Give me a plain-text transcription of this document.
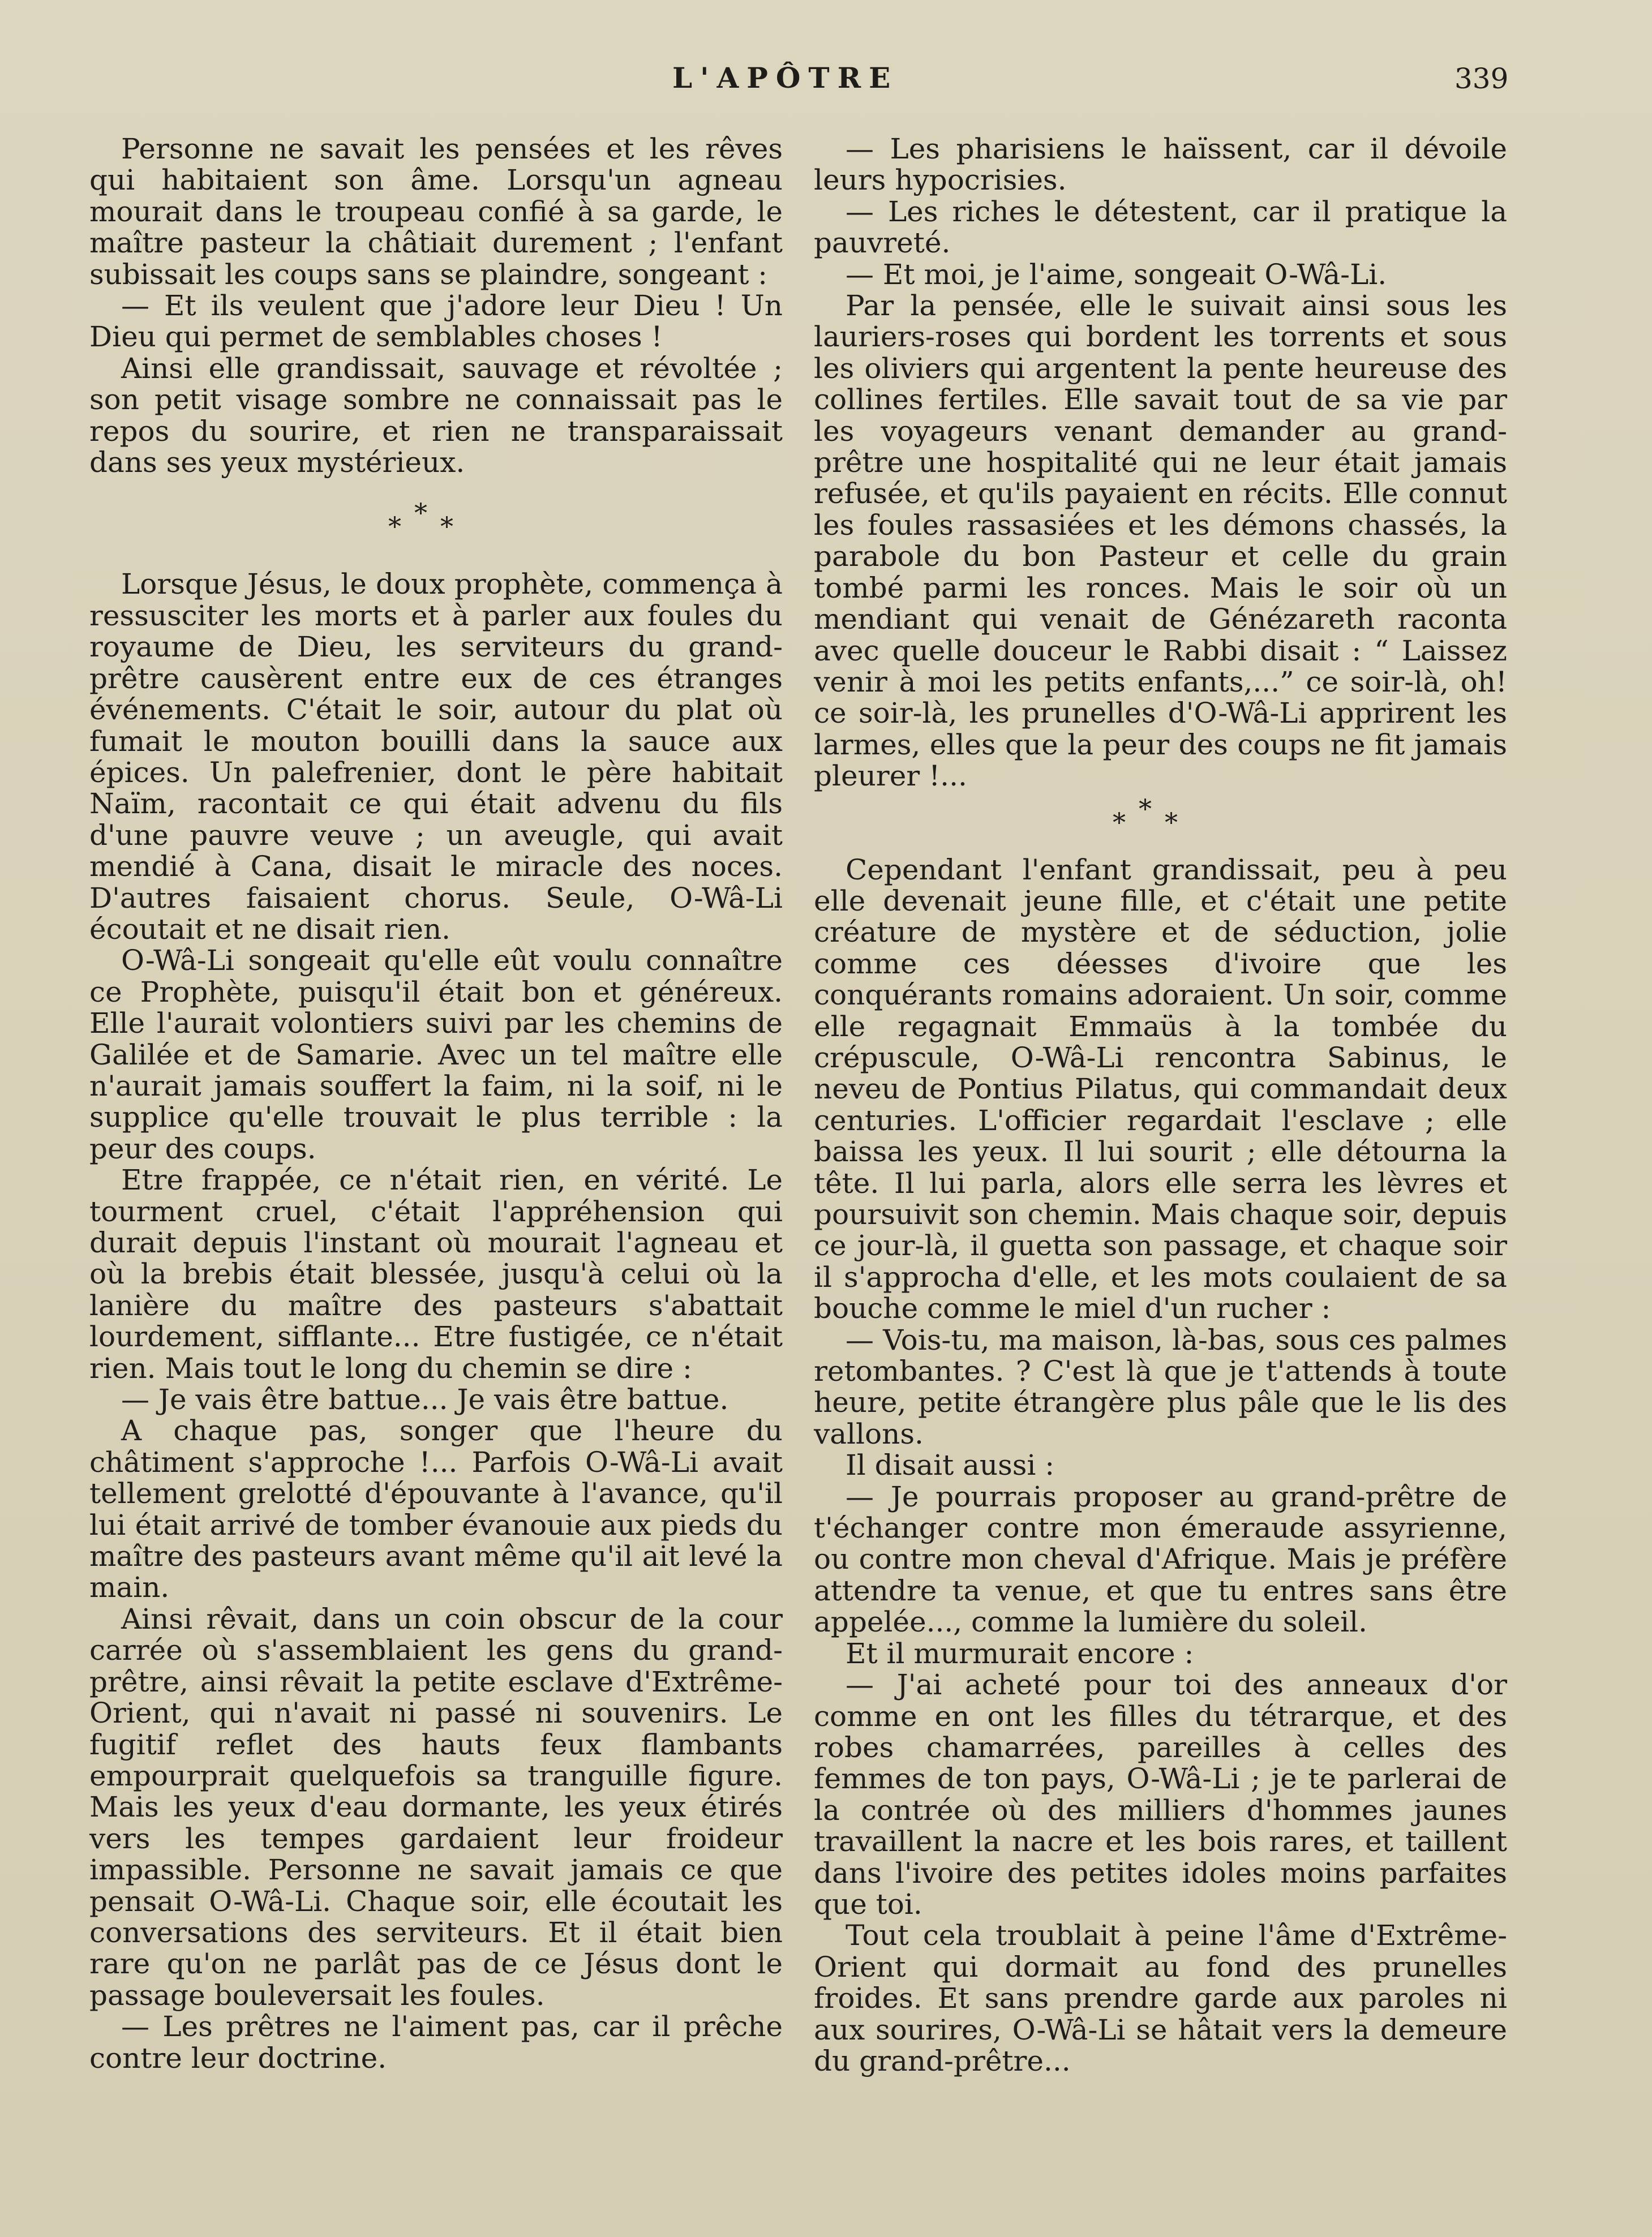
L'APÔTRE	339

Personne ne savait les pensées et les rêves qui habitaient son âme. Lorsqu'un agneau mourait dans le troupeau confié à sa garde, le maître pasteur la châtiait durement ; l'enfant subissait les coups sans se plaindre, songeant :

— Et ils veulent que j'adore leur Dieu ! Un Dieu qui permet de semblables choses !

Ainsi elle grandissait, sauvage et révoltée ; son petit visage sombre ne connaissait pas le repos du sourire, et rien ne transparaissait dans ses yeux mystérieux.

* * *

Lorsque Jésus, le doux prophète, commença à ressusciter les morts et à parler aux foules du royaume de Dieu, les serviteurs du grand-prêtre causèrent entre eux de ces étranges événements. C'était le soir, autour du plat où fumait le mouton bouilli dans la sauce aux épices. Un palefrenier, dont le père habitait Naïm, racontait ce qui était advenu du fils d'une pauvre veuve ; un aveugle, qui avait mendié à Cana, disait le miracle des noces. D'autres faisaient chorus. Seule, O-Wâ-Li écoutait et ne disait rien.

O-Wâ-Li songeait qu'elle eût voulu connaître ce Prophète, puisqu'il était bon et généreux. Elle l'aurait volontiers suivi par les chemins de Galilée et de Samarie. Avec un tel maître elle n'aurait jamais souffert la faim, ni la soif, ni le supplice qu'elle trouvait le plus terrible : la peur des coups.

Etre frappée, ce n'était rien, en vérité. Le tourment cruel, c'était l'appréhension qui durait depuis l'instant où mourait l'agneau et où la brebis était blessée, jusqu'à celui où la lanière du maître des pasteurs s'abattait lourdement, sifflante... Etre fustigée, ce n'était rien. Mais tout le long du chemin se dire :

— Je vais être battue... Je vais être battue.

A chaque pas, songer que l'heure du châtiment s'approche !... Parfois O-Wâ-Li avait tellement grelotté d'épouvante à l'avance, qu'il lui était arrivé de tomber évanouie aux pieds du maître des pasteurs avant même qu'il ait levé la main.

Ainsi rêvait, dans un coin obscur de la cour carrée où s'assemblaient les gens du grand-prêtre, ainsi rêvait la petite esclave d'Extrême-Orient, qui n'avait ni passé ni souvenirs. Le fugitif reflet des hauts feux flambants empourprait quelquefois sa tranguille figure. Mais les yeux d'eau dormante, les yeux étirés vers les tempes gardaient leur froideur impassible. Personne ne savait jamais ce que pensait O-Wâ-Li. Chaque soir, elle écoutait les conversations des serviteurs. Et il était bien rare qu'on ne parlât pas de ce Jésus dont le passage bouleversait les foules.

— Les prêtres ne l'aiment pas, car il prêche contre leur doctrine.

— Les pharisiens le haïssent, car il dévoile leurs hypocrisies.

— Les riches le détestent, car il pratique la pauvreté.

— Et moi, je l'aime, songeait O-Wâ-Li.

Par la pensée, elle le suivait ainsi sous les lauriers-roses qui bordent les torrents et sous les oliviers qui argentent la pente heureuse des collines fertiles. Elle savait tout de sa vie par les voyageurs venant demander au grand-prêtre une hospitalité qui ne leur était jamais refusée, et qu'ils payaient en récits. Elle connut les foules rassasiées et les démons chassés, la parabole du bon Pasteur et celle du grain tombé parmi les ronces. Mais le soir où un mendiant qui venait de Génézareth raconta avec quelle douceur le Rabbi disait : “ Laissez venir à moi les petits enfants,...” ce soir-là, oh! ce soir-là, les prunelles d'O-Wâ-Li apprirent les larmes, elles que la peur des coups ne fit jamais pleurer !...

* * *

Cependant l'enfant grandissait, peu à peu elle devenait jeune fille, et c'était une petite créature de mystère et de séduction, jolie comme ces déesses d'ivoire que les conquérants romains adoraient. Un soir, comme elle regagnait Emmaüs à la tombée du crépuscule, O-Wâ-Li rencontra Sabinus, le neveu de Pontius Pilatus, qui commandait deux centuries. L'officier regardait l'esclave ; elle baissa les yeux. Il lui sourit ; elle détourna la tête. Il lui parla, alors elle serra les lèvres et poursuivit son chemin. Mais chaque soir, depuis ce jour-là, il guetta son passage, et chaque soir il s'approcha d'elle, et les mots coulaient de sa bouche comme le miel d'un rucher :

— Vois-tu, ma maison, là-bas, sous ces palmes retombantes. ? C'est là que je t'attends à toute heure, petite étrangère plus pâle que le lis des vallons.

Il disait aussi :

— Je pourrais proposer au grand-prêtre de t'échanger contre mon émeraude assyrienne, ou contre mon cheval d'Afrique. Mais je préfère attendre ta venue, et que tu entres sans être appelée..., comme la lumière du soleil.

Et il murmurait encore :

— J'ai acheté pour toi des anneaux d'or comme en ont les filles du tétrarque, et des robes chamarrées, pareilles à celles des femmes de ton pays, O-Wâ-Li ; je te parlerai de la contrée où des milliers d'hommes jaunes travaillent la nacre et les bois rares, et taillent dans l'ivoire des petites idoles moins parfaites que toi.

Tout cela troublait à peine l'âme d'Extrême-Orient qui dormait au fond des prunelles froides. Et sans prendre garde aux paroles ni aux sourires, O-Wâ-Li se hâtait vers la demeure du grand-prêtre...
